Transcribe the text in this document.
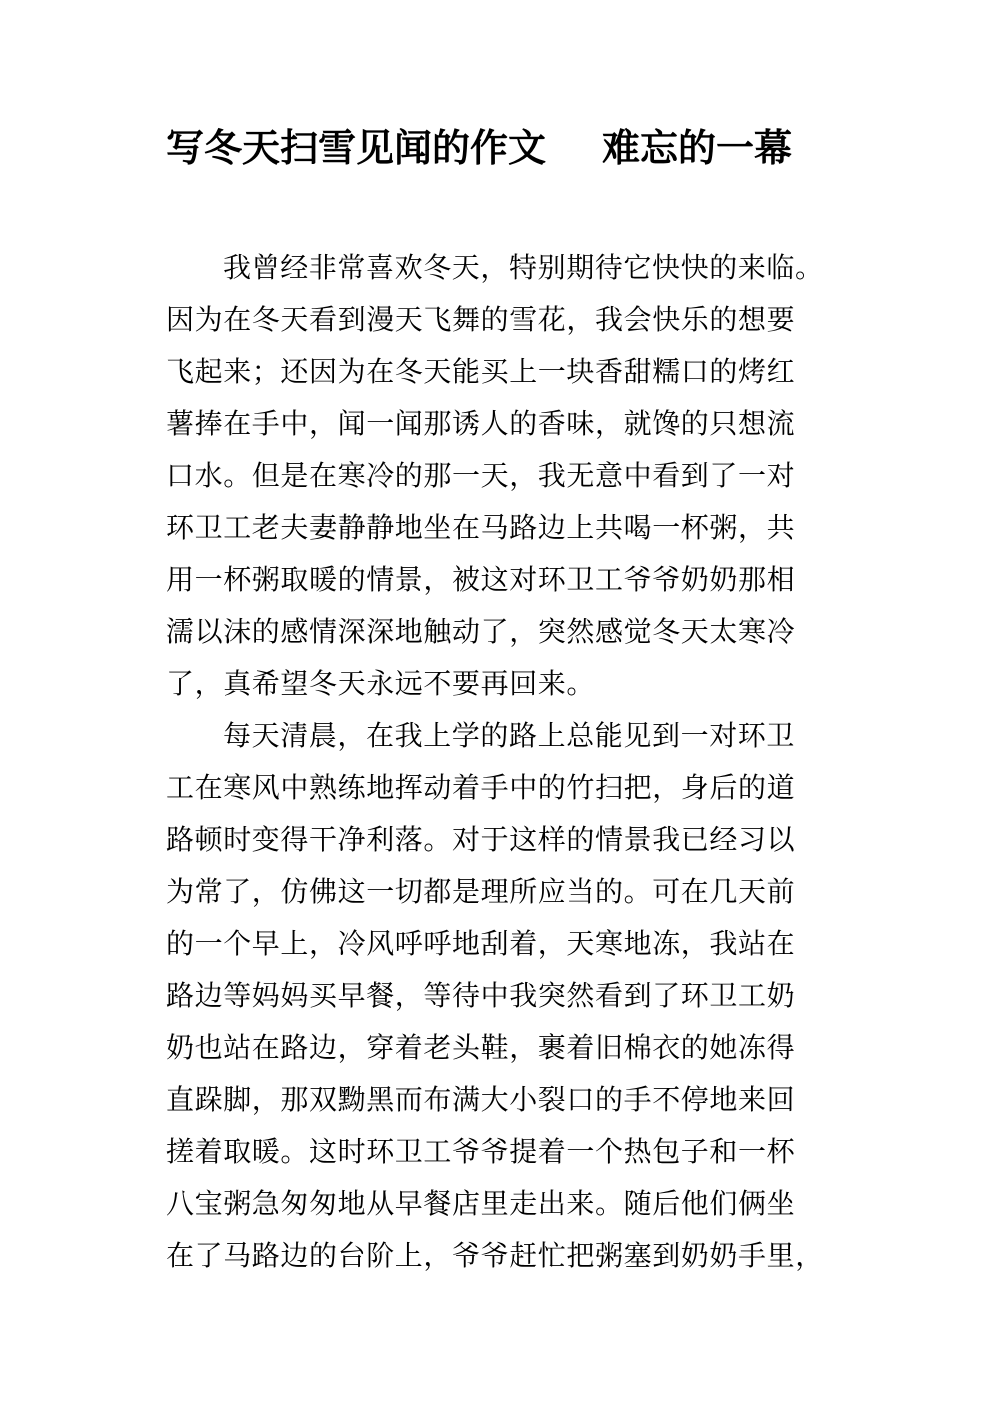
写冬天扫雪见闻的作文 难忘的一幕
我曾经非常喜欢冬天，特别期待它快快的来临。
因为在冬天看到漫天飞舞的雪花，我会快乐的想要
飞起来；还因为在冬天能买上一块香甜糯口的烤红
薯捧在手中，闻一闻那诱人的香味，就馋的只想流
口水。但是在寒冷的那一天，我无意中看到了一对
环卫工老夫妻静静地坐在马路边上共喝一杯粥，共
用一杯粥取暖的情景，被这对环卫工爷爷奶奶那相
濡以沫的感情深深地触动了，突然感觉冬天太寒冷
了，真希望冬天永远不要再回来。
每天清晨，在我上学的路上总能见到一对环卫
工在寒风中熟练地挥动着手中的竹扫把，身后的道
路顿时变得干净利落。对于这样的情景我已经习以
为常了，仿佛这一切都是理所应当的。可在几天前
的一个早上，冷风呼呼地刮着，天寒地冻，我站在
路边等妈妈买早餐，等待中我突然看到了环卫工奶
奶也站在路边，穿着老头鞋，裹着旧棉衣的她冻得
直跺脚，那双黝黑而布满大小裂口的手不停地来回
搓着取暖。这时环卫工爷爷提着一个热包子和一杯
八宝粥急匆匆地从早餐店里走出来。随后他们俩坐
在了马路边的台阶上，爷爷赶忙把粥塞到奶奶手里，
